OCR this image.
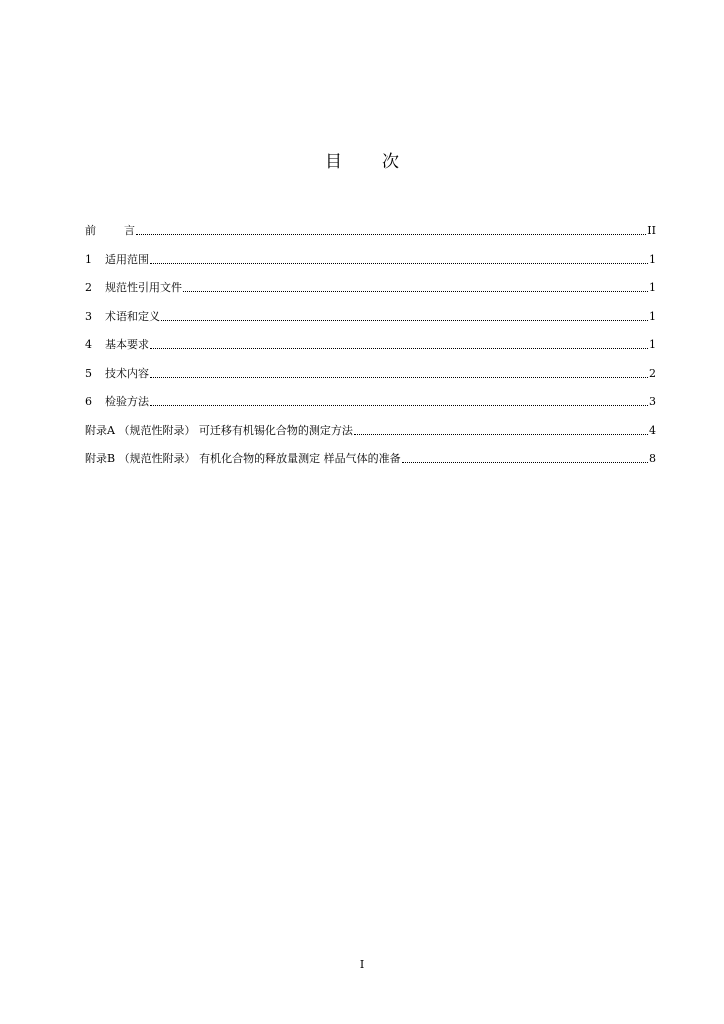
目 次
前	言	II
1 适用范围	1
2 规范性引用文件	1
3 术语和定义	1
4 基本要求	1
5 技术内容	2
6 检验方法	3
附录A （规范性附录） 可迁移有机锡化合物的测定方法	4
附录B （规范性附录） 有机化合物的释放量测定 样品气体的准备	8
I
